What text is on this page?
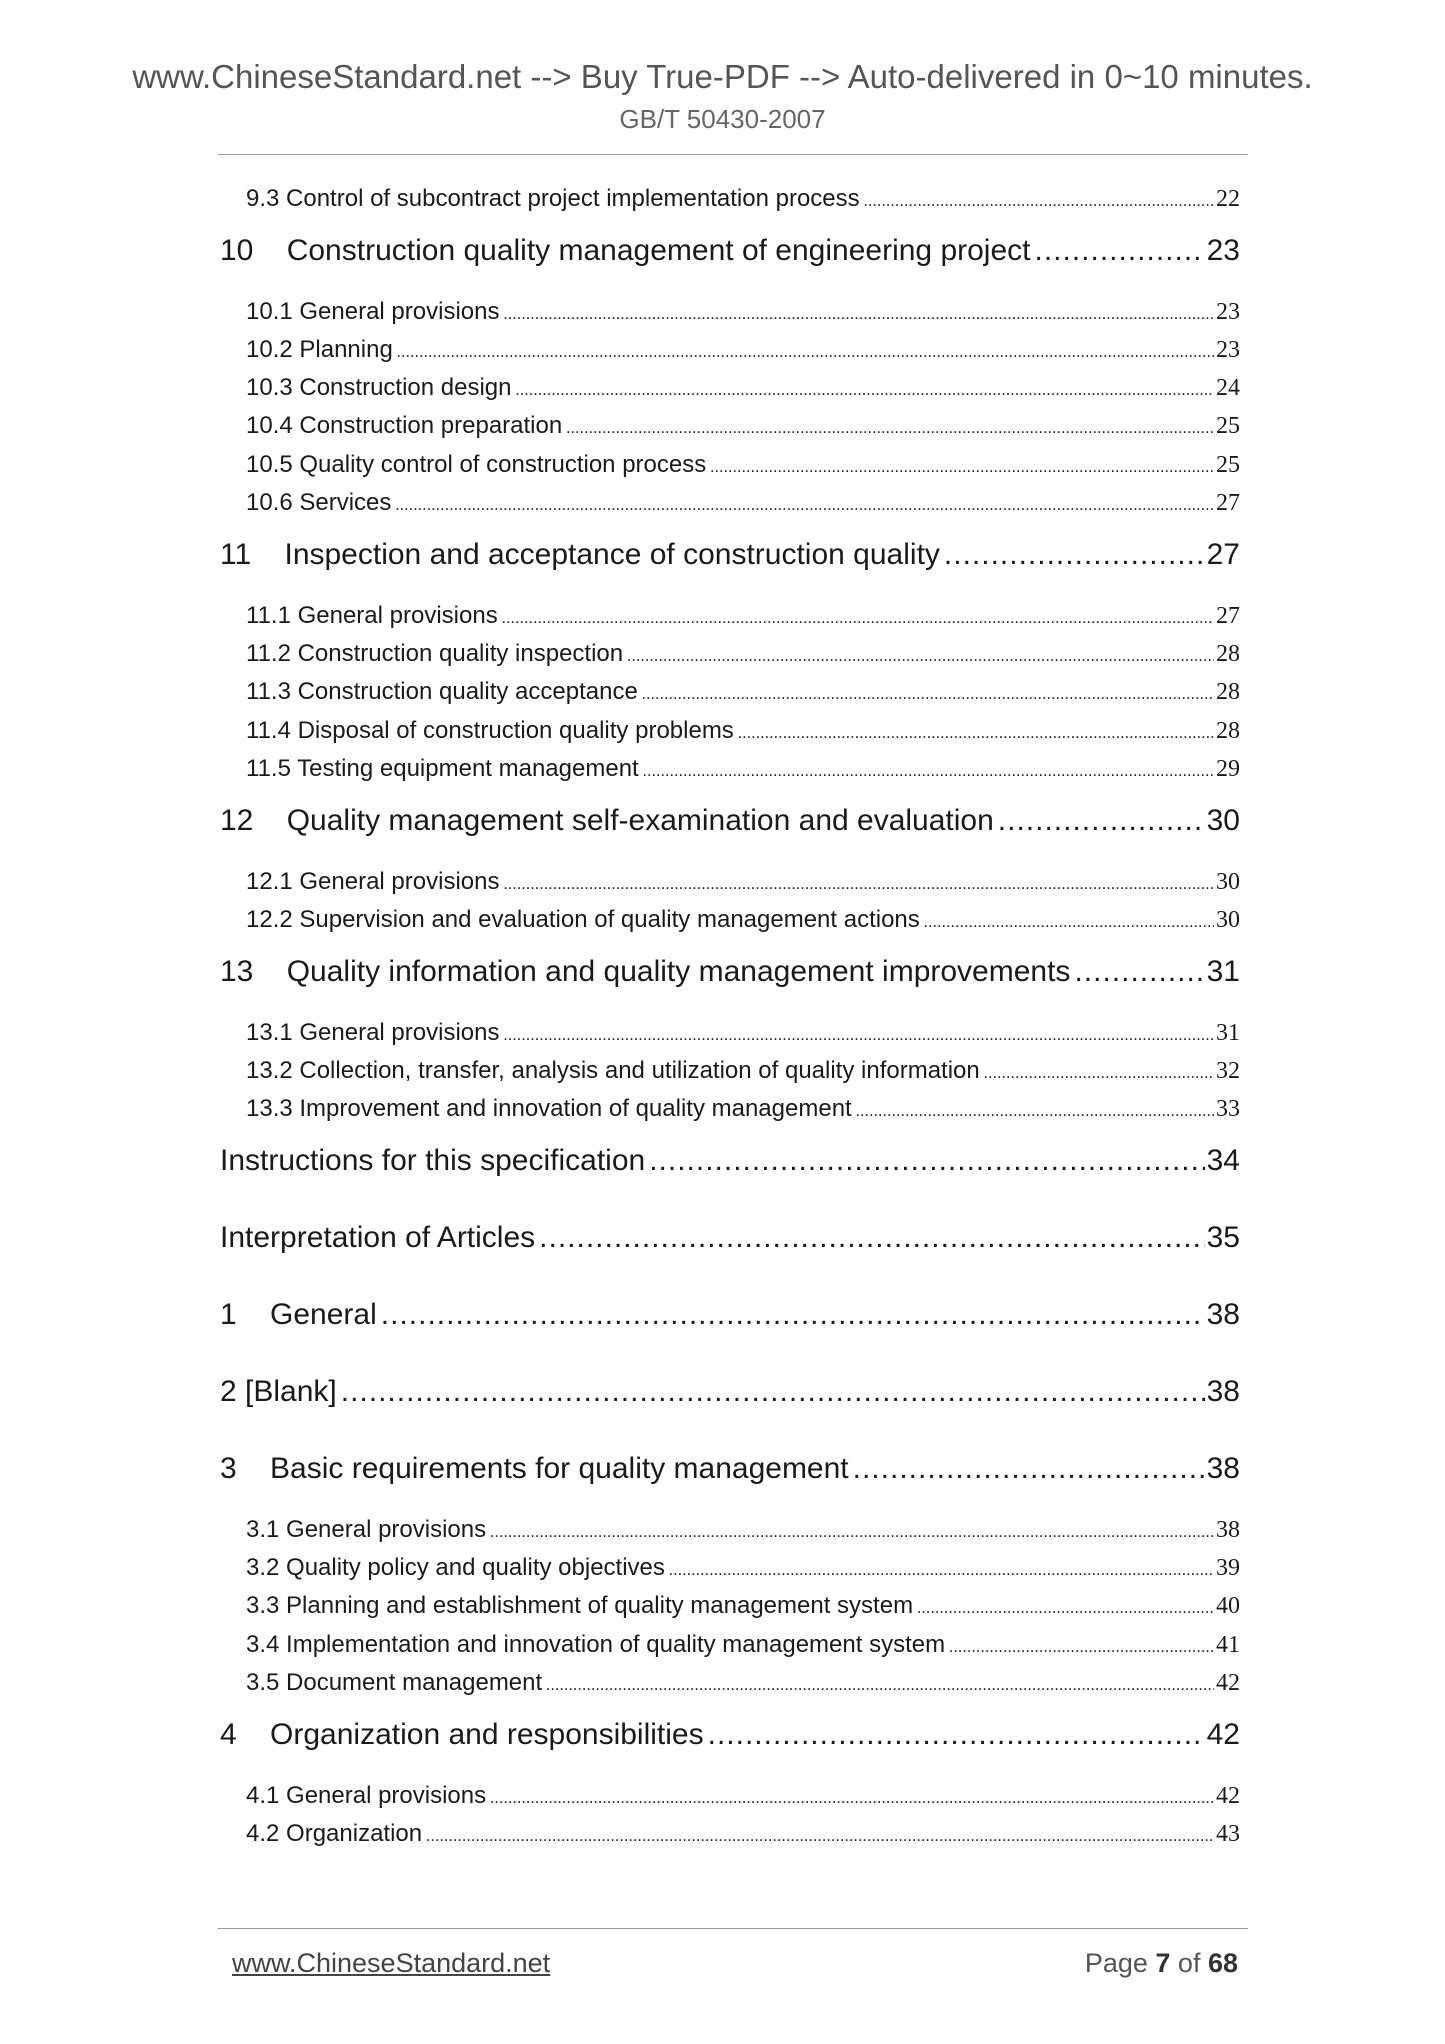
www.ChineseStandard.net --> Buy True-PDF --> Auto-delivered in 0~10 minutes.
GB/T 50430-2007
9.3 Control of subcontract project implementation process .....	22
10    Construction quality management of engineering project .....	23
10.1 General provisions .....	23
10.2 Planning .....	23
10.3 Construction design .....	24
10.4 Construction preparation .....	25
10.5 Quality control of construction process .....	25
10.6 Services .....	27
11    Inspection and acceptance of construction quality .....	27
11.1 General provisions .....	27
11.2 Construction quality inspection .....	28
11.3 Construction quality acceptance .....	28
11.4 Disposal of construction quality problems .....	28
11.5 Testing equipment management .....	29
12    Quality management self-examination and evaluation .....	30
12.1 General provisions .....	30
12.2 Supervision and evaluation of quality management actions .....	30
13    Quality information and quality management improvements .....	31
13.1 General provisions .....	31
13.2 Collection, transfer, analysis and utilization of quality information .....	32
13.3 Improvement and innovation of quality management .....	33
Instructions for this specification .....	34
Interpretation of Articles .....	35
1    General .....	38
2 [Blank] .....	38
3    Basic requirements for quality management .....	38
3.1 General provisions .....	38
3.2 Quality policy and quality objectives .....	39
3.3 Planning and establishment of quality management system .....	40
3.4 Implementation and innovation of quality management system .....	41
3.5 Document management .....	42
4    Organization and responsibilities .....	42
4.1 General provisions .....	42
4.2 Organization .....	43
www.ChineseStandard.net	Page 7 of 68
